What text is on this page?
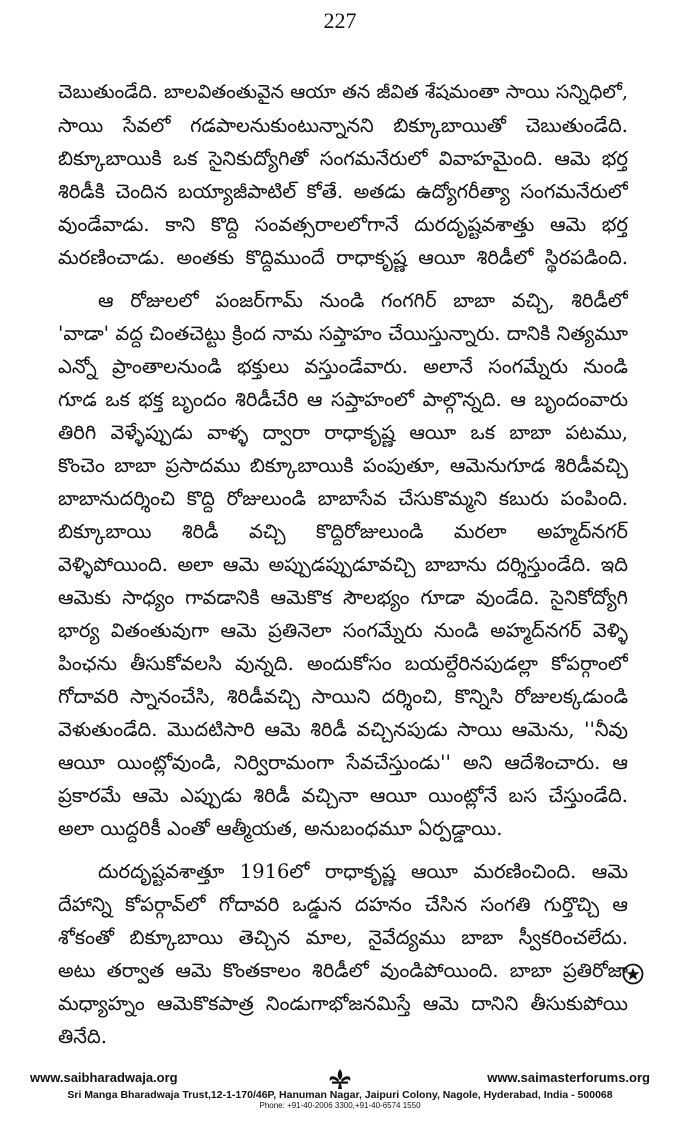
227
చెబుతుండేది. బాలవితంతువైన ఆయా తన జీవిత శేషమంతా సాయి సన్నిధిలో,
సాయి సేవలో గడపాలనుకుంటున్నానని బిక్కూబాయితో చెబుతుండేది.
బిక్కూబాయికి ఒక సైనికుద్యోగితో సంగమనేరులో వివాహమైంది. ఆమె భర్త
శిరిడీకి చెందిన బయ్యాజీపాటిల్ కోతే. అతడు ఉద్యోగరీత్యా సంగమనేరులో
వుండేవాడు. కాని కొద్ది సంవత్సరాలలోగానే దురదృష్టవశాత్తు ఆమె భర్త
మరణించాడు. అంతకు కొద్దిముందే రాధాకృష్ణ ఆయీ శిరిడీలో స్థిరపడింది.
ఆ రోజులలో పంజర్‌గామ్ నుండి గంగగిర్ బాబా వచ్చి, శిరిడీలో
'వాడా' వద్ద చింతచెట్టు క్రింద నామ సప్తాహం చేయిస్తున్నారు. దానికి నిత్యమూ
ఎన్నో ప్రాంతాలనుండి భక్తులు వస్తుండేవారు. అలానే సంగమ్నేరు నుండి
గూడ ఒక భక్త బృందం శిరిడీచేరి ఆ సప్తాహంలో పాల్గొన్నది. ఆ బృందంవారు
తిరిగి వెళ్ళేప్పుడు వాళ్ళ ద్వారా రాధాకృష్ణ ఆయీ ఒక బాబా పటము,
కొంచెం బాబా ప్రసాదము బిక్కూబాయికి పంపుతూ, ఆమెనుగూడ శిరిడీవచ్చి
బాబానుదర్శించి కొద్ది రోజులుండి బాబాసేవ చేసుకొమ్మని కబురు పంపింది.
బిక్కూబాయి శిరిడీ వచ్చి కొద్దిరోజులుండి మరలా అహ్మద్‌నగర్
వెళ్ళిపోయింది. అలా ఆమె అప్పుడప్పుడూవచ్చి బాబాను దర్శిస్తుండేది. ఇది
ఆమెకు సాధ్యం గావడానికి ఆమెకొక సౌలభ్యం గూడా వుండేది. సైనికోద్యోగి
భార్య వితంతువుగా ఆమె ప్రతినెలా సంగమ్నేరు నుండి అహ్మద్‌నగర్ వెళ్ళి
పింఛను తీసుకోవలసి వున్నది. అందుకోసం బయల్దేరినపుడల్లా కోపర్గాంలో
గోదావరి స్నానంచేసి, శిరిడీవచ్చి సాయిని దర్శించి, కొన్నిసి రోజులక్కడుండి
వెళుతుండేది. మొదటిసారి ఆమె శిరిడీ వచ్చినపుడు సాయి ఆమెను, ''నీవు
ఆయీ యింట్లోవుండి, నిర్విరామంగా సేవచేస్తుండు'' అని ఆదేశించారు. ఆ
ప్రకారమే ఆమె ఎప్పుడు శిరిడీ వచ్చినా ఆయీ యింట్లోనే బస చేస్తుండేది.
అలా యిద్దరికీ ఎంతో ఆత్మీయత, అనుబంధమూ ఏర్పడ్డాయి.
దురదృష్టవశాత్తూ 1916లో రాధాకృష్ణ ఆయీ మరణించింది. ఆమె
దేహాన్ని కోపర్గావ్‌లో గోదావరి ఒడ్డున దహనం చేసిన సంగతి గుర్తొచ్చి ఆ
శోకంతో బిక్కూబాయి తెచ్చిన మాల, నైవేద్యము బాబా స్వీకరించలేదు.
అటు తర్వాత ఆమె కొంతకాలం శిరిడీలో వుండిపోయింది. బాబా ప్రతిరోజా
మధ్యాహ్నం ఆమెకొకపాత్ర నిండుగాభోజనమిస్తే ఆమె దానిని తీసుకుపోయి
తినేది.
www.saibharadwaja.org	www.saimasterforums.org
Sri Manga Bharadwaja Trust,12-1-170/46P, Hanuman Nagar, Jaipuri Colony, Nagole, Hyderabad, India - 500068
Phone: +91-40-2006 3300,+91-40-6574 1550
